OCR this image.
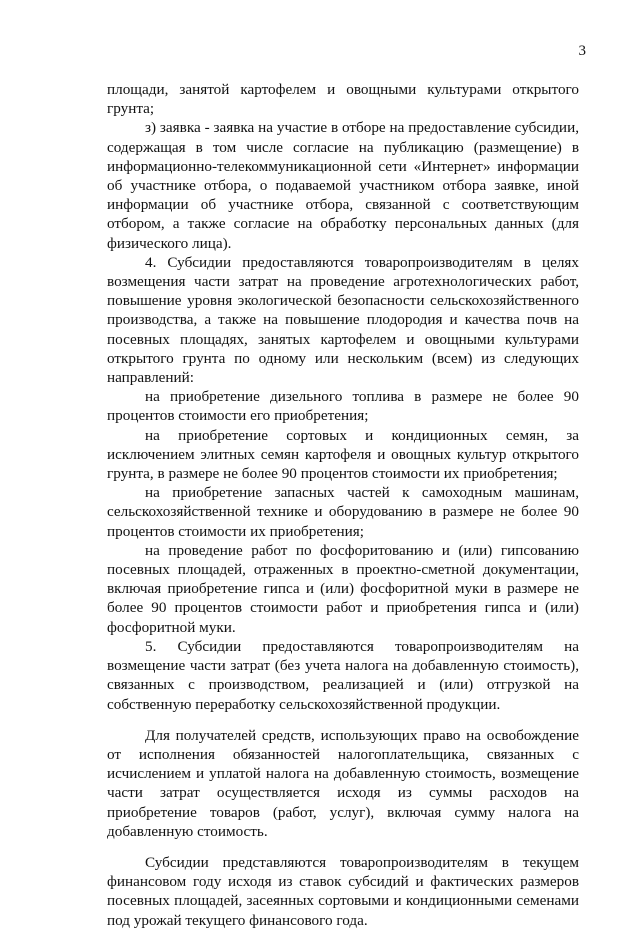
3

площади, занятой картофелем и овощными культурами открытого грунта;

з) заявка - заявка на участие в отборе на предоставление субсидии, содержащая в том числе согласие на публикацию (размещение) в информационно-телекоммуникационной сети «Интернет» информации об участнике отбора, о подаваемой участником отбора заявке, иной информации об участнике отбора, связанной с соответствующим отбором, а также согласие на обработку персональных данных (для физического лица).

4. Субсидии предоставляются товаропроизводителям в целях возмещения части затрат на проведение агротехнологических работ, повышение уровня экологической безопасности сельскохозяйственного производства, а также на повышение плодородия и качества почв на посевных площадях, занятых картофелем и овощными культурами открытого грунта по одному или нескольким (всем) из следующих направлений:

на приобретение дизельного топлива в размере не более 90 процентов стоимости его приобретения;

на приобретение сортовых и кондиционных семян, за исключением элитных семян картофеля и овощных культур открытого грунта, в размере не более 90 процентов стоимости их приобретения;

на приобретение запасных частей к самоходным машинам, сельскохозяйственной технике и оборудованию в размере не более 90 процентов стоимости их приобретения;

на проведение работ по фосфоритованию и (или) гипсованию посевных площадей, отраженных в проектно-сметной документации, включая приобретение гипса и (или) фосфоритной муки в размере не более 90 процентов стоимости работ и приобретения гипса и (или) фосфоритной муки.

5. Субсидии предоставляются товаропроизводителям на возмещение части затрат (без учета налога на добавленную стоимость), связанных с производством, реализацией и (или) отгрузкой на собственную переработку сельскохозяйственной продукции.

Для получателей средств, использующих право на освобождение от исполнения обязанностей налогоплательщика, связанных с исчислением и уплатой налога на добавленную стоимость, возмещение части затрат осуществляется исходя из суммы расходов на приобретение товаров (работ, услуг), включая сумму налога на добавленную стоимость.

Субсидии представляются товаропроизводителям в текущем финансовом году исходя из ставок субсидий и фактических размеров посевных площадей, засеянных сортовыми и кондиционными семенами под урожай текущего финансового года.
